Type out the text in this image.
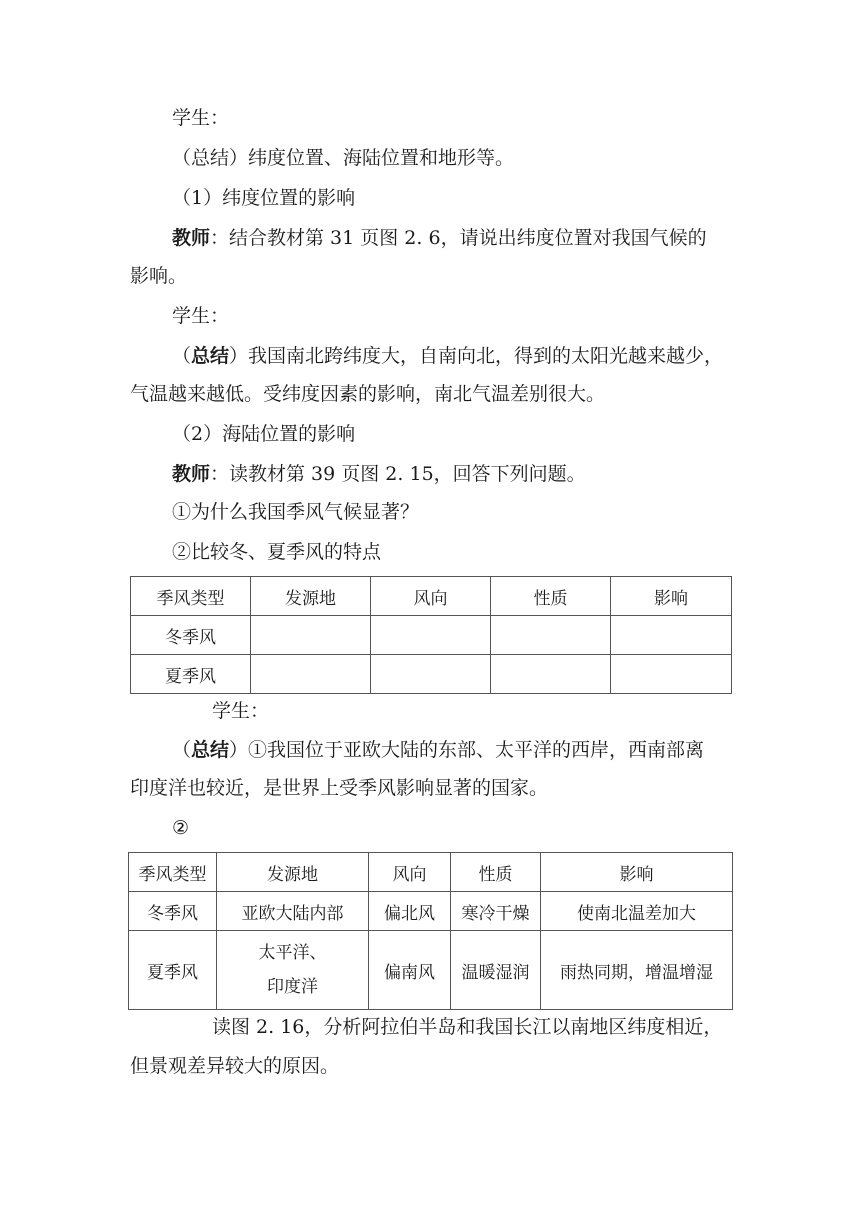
学生：
（总结）纬度位置、海陆位置和地形等。
（1）纬度位置的影响
教师：结合教材第 31 页图 2. 6，请说出纬度位置对我国气候的
影响。
学生：
（总结）我国南北跨纬度大，自南向北，得到的太阳光越来越少，
气温越来越低。受纬度因素的影响，南北气温差别很大。
（2）海陆位置的影响
教师：读教材第 39 页图 2. 15，回答下列问题。
①为什么我国季风气候显著？
②比较冬、夏季风的特点
季风类型	发源地	风向	性质	影响
冬季风				
夏季风				
学生：
（总结）①我国位于亚欧大陆的东部、太平洋的西岸，西南部离
印度洋也较近，是世界上受季风影响显著的国家。
②
季风类型	发源地	风向	性质	影响
冬季风	亚欧大陆内部	偏北风	寒冷干燥	使南北温差加大
夏季风	太平洋、
印度洋	偏南风	温暖湿润	雨热同期，增温增湿
读图 2. 16，分析阿拉伯半岛和我国长江以南地区纬度相近，
但景观差异较大的原因。
